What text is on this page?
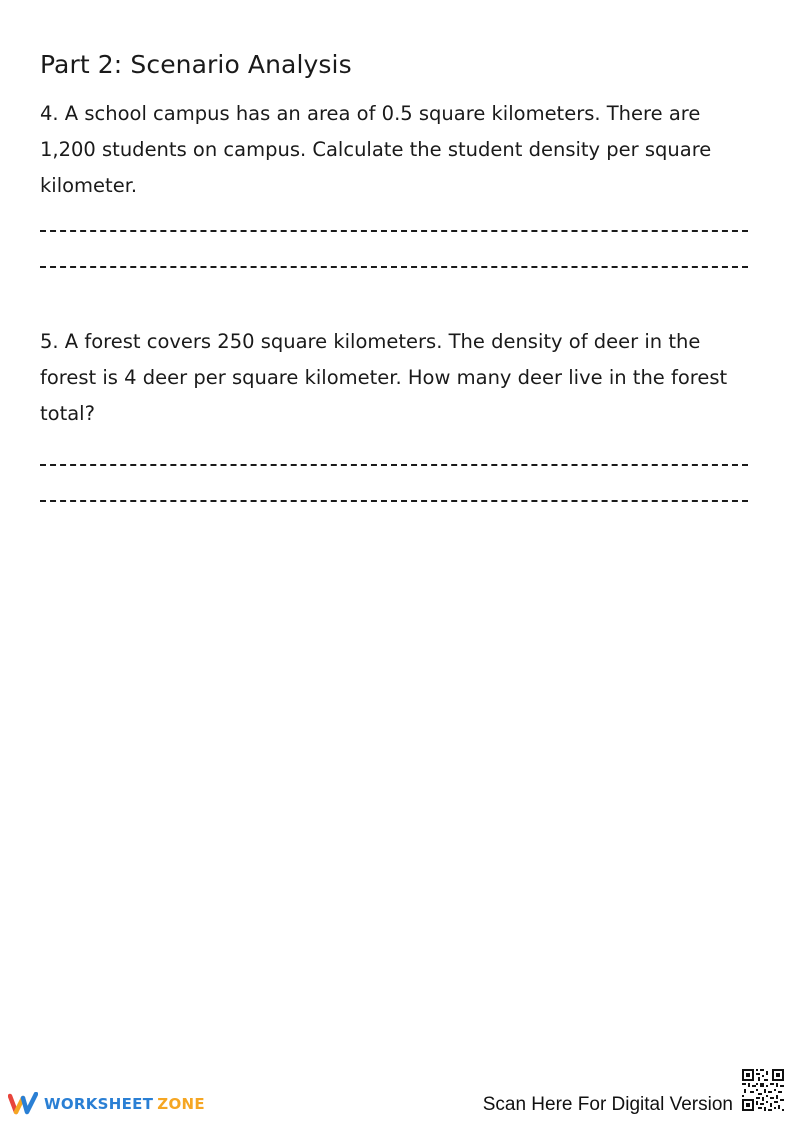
Part 2: Scenario Analysis

4. A school campus has an area of 0.5 square kilometers. There are 1,200 students on campus. Calculate the student density per square kilometer.

5. A forest covers 250 square kilometers. The density of deer in the forest is 4 deer per square kilometer. How many deer live in the forest total?

WORKSHEET ZONE	Scan Here For Digital Version
